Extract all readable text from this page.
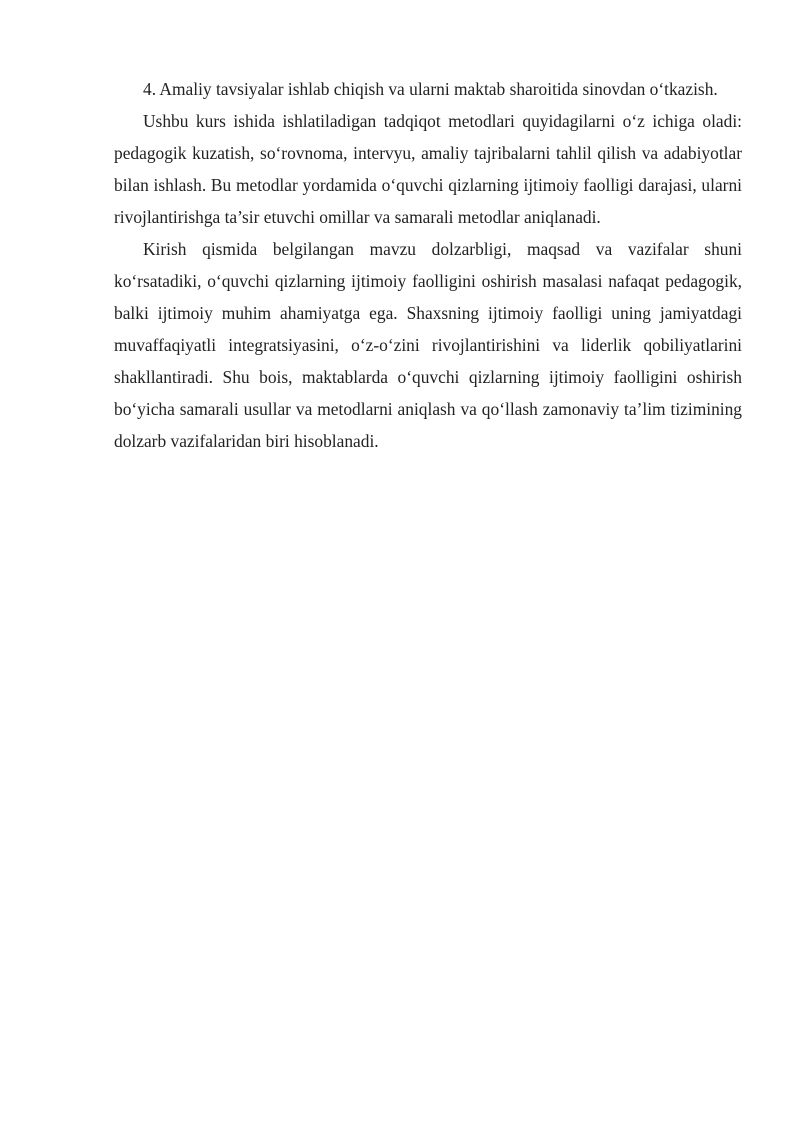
4. Amaliy tavsiyalar ishlab chiqish va ularni maktab sharoitida sinovdan o‘tkazish.

Ushbu kurs ishida ishlatiladigan tadqiqot metodlari quyidagilarni o‘z ichiga oladi: pedagogik kuzatish, so‘rovnoma, intervyu, amaliy tajribalarni tahlil qilish va adabiyotlar bilan ishlash. Bu metodlar yordamida o‘quvchi qizlarning ijtimoiy faolligi darajasi, ularni rivojlantirishga ta’sir etuvchi omillar va samarali metodlar aniqlanadi.

Kirish qismida belgilangan mavzu dolzarbligi, maqsad va vazifalar shuni ko‘rsatadiki, o‘quvchi qizlarning ijtimoiy faolligini oshirish masalasi nafaqat pedagogik, balki ijtimoiy muhim ahamiyatga ega. Shaxsning ijtimoiy faolligi uning jamiyatdagi muvaffaqiyatli integratsiyasini, o‘z-o‘zini rivojlantirishini va liderlik qobiliyatlarini shakllantiradi. Shu bois, maktablarda o‘quvchi qizlarning ijtimoiy faolligini oshirish bo‘yicha samarali usullar va metodlarni aniqlash va qo‘llash zamonaviy ta’lim tizimining dolzarb vazifalaridan biri hisoblanadi.
